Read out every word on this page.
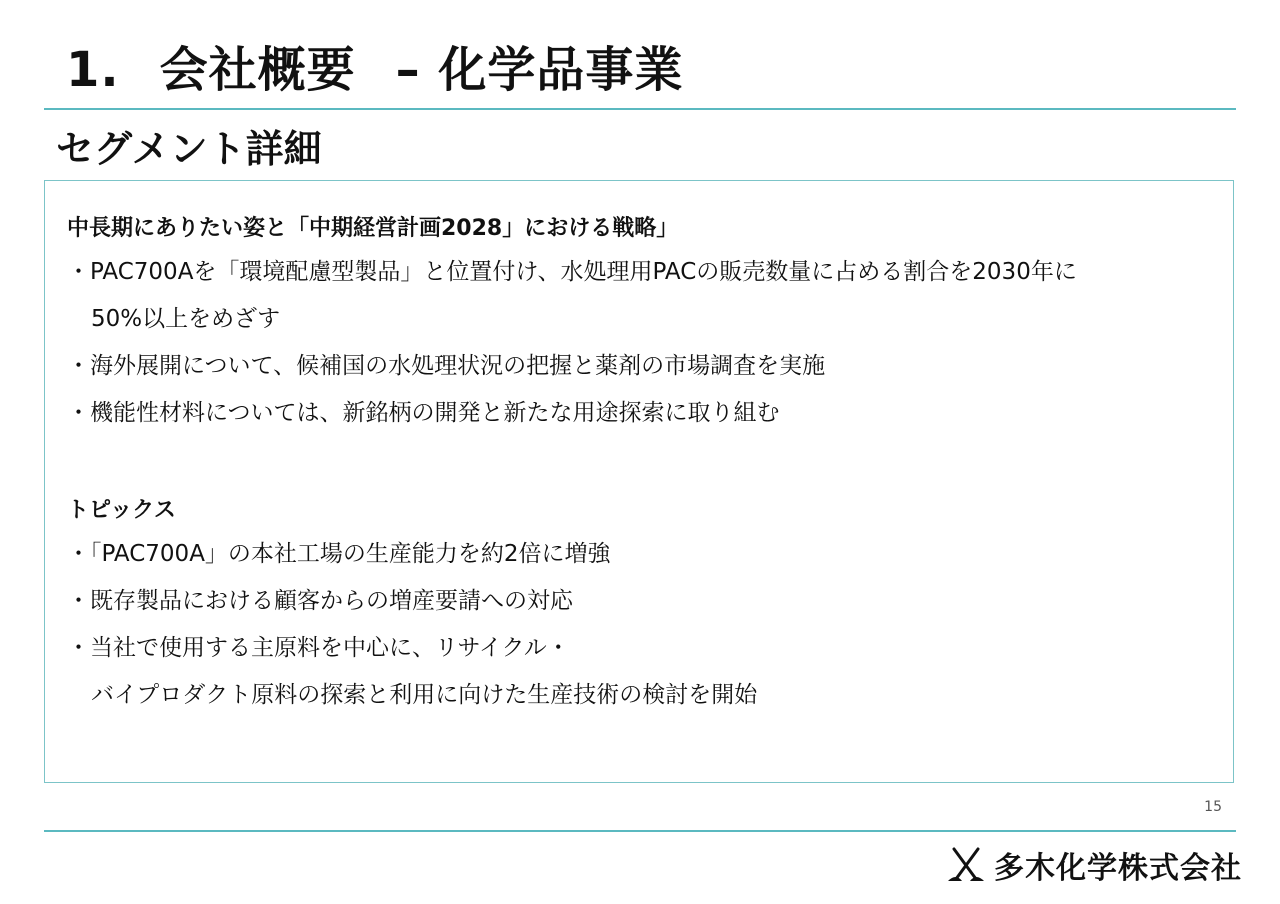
1. 会社概要 – 化学品事業
セグメント詳細
中長期にありたい姿と「中期経営計画2028」における戦略」
・PAC700Aを「環境配慮型製品」と位置付け、水処理用PACの販売数量に占める割合を2030年に
50%以上をめざす
・海外展開について、候補国の水処理状況の把握と薬剤の市場調査を実施
・機能性材料については、新銘柄の開発と新たな用途探索に取り組む
トピックス
・「PAC700A」の本社工場の生産能力を約2倍に増強
・既存製品における顧客からの増産要請への対応
・当社で使用する主原料を中心に、リサイクル・
バイプロダクト原料の探索と利用に向けた生産技術の検討を開始
15
多木化学株式会社
